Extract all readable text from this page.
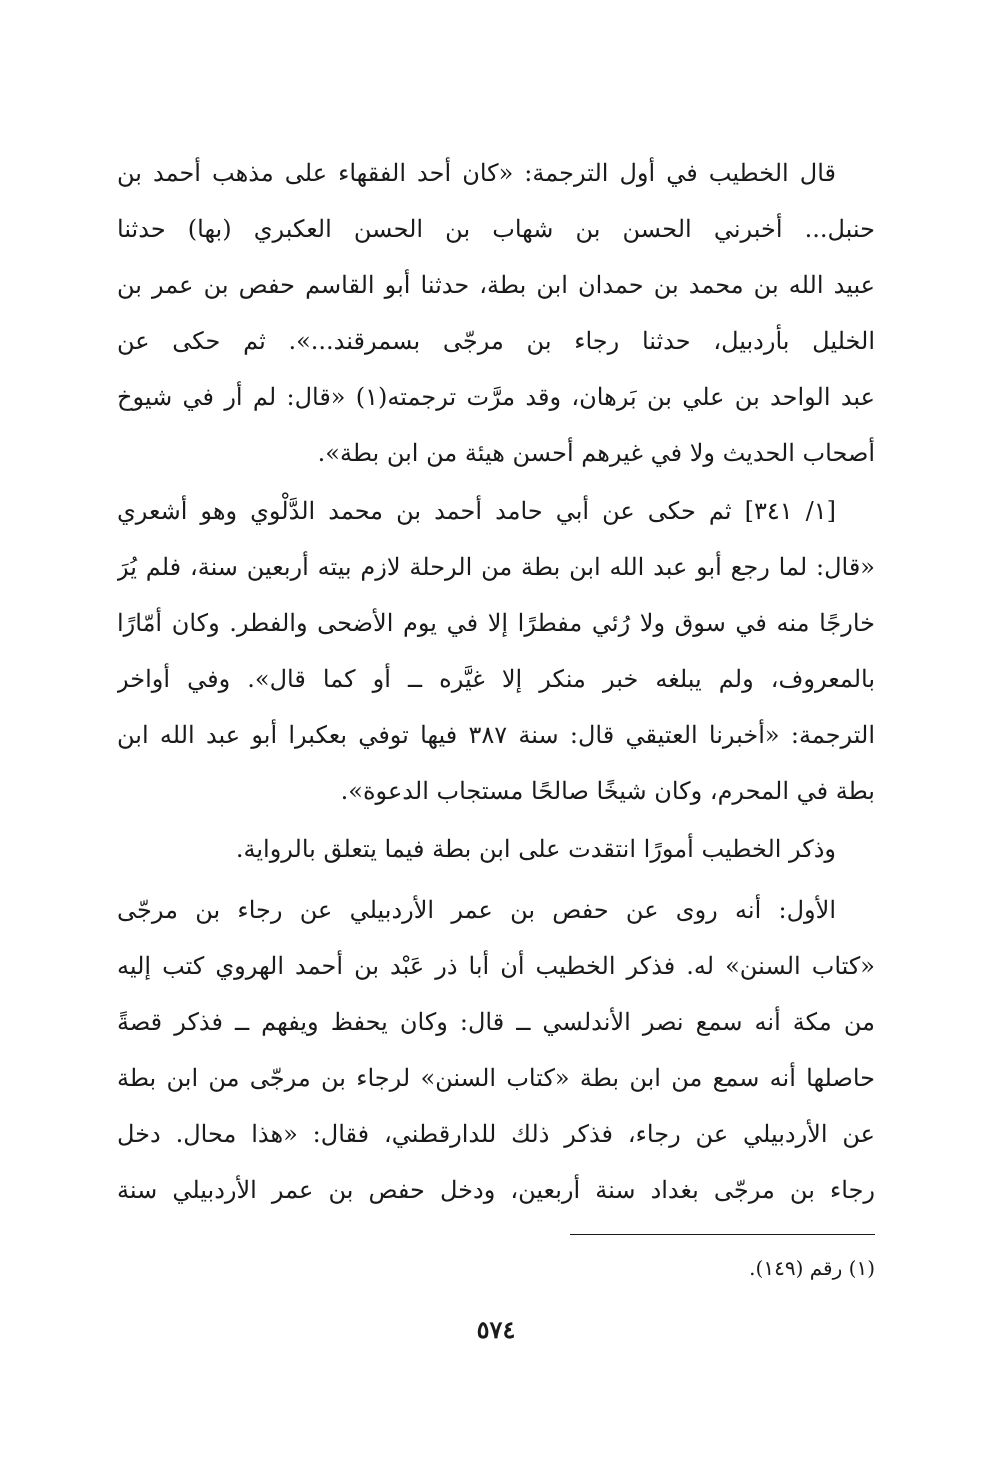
قال الخطيب في أول الترجمة: «كان أحد الفقهاء على مذهب أحمد بن
حنبل... أخبرني الحسن بن شهاب بن الحسن العكبري (بها) حدثنا
عبيد الله بن محمد بن حمدان ابن بطة، حدثنا أبو القاسم حفص بن عمر بن
الخليل بأردبيل، حدثنا رجاء بن مرجّى بسمرقند...». ثم حكى عن
عبد الواحد بن علي بن بَرهان، وقد مرَّت ترجمته(١) «قال: لم أر في شيوخ
أصحاب الحديث ولا في غيرهم أحسن هيئة من ابن بطة».
[١/ ٣٤١] ثم حكى عن أبي حامد أحمد بن محمد الدَّلْوي وهو أشعري
«قال: لما رجع أبو عبد الله ابن بطة من الرحلة لازم بيته أربعين سنة، فلم يُرَ
خارجًا منه في سوق ولا رُئي مفطرًا إلا في يوم الأضحى والفطر. وكان أمّارًا
بالمعروف، ولم يبلغه خبر منكر إلا غيَّره ــ أو كما قال». وفي أواخر
الترجمة: «أخبرنا العتيقي قال: سنة ٣٨٧ فيها توفي بعكبرا أبو عبد الله ابن
بطة في المحرم، وكان شيخًا صالحًا مستجاب الدعوة».
وذكر الخطيب أمورًا انتقدت على ابن بطة فيما يتعلق بالرواية.
الأول: أنه روى عن حفص بن عمر الأردبيلي عن رجاء بن مرجّى
«كتاب السنن» له. فذكر الخطيب أن أبا ذر عَبْد بن أحمد الهروي كتب إليه
من مكة أنه سمع نصر الأندلسي ــ قال: وكان يحفظ ويفهم ــ فذكر قصةً
حاصلها أنه سمع من ابن بطة «كتاب السنن» لرجاء بن مرجّى من ابن بطة
عن الأردبيلي عن رجاء، فذكر ذلك للدارقطني، فقال: «هذا محال. دخل
رجاء بن مرجّى بغداد سنة أربعين، ودخل حفص بن عمر الأردبيلي سنة
(١) رقم (١٤٩).
٥٧٤
